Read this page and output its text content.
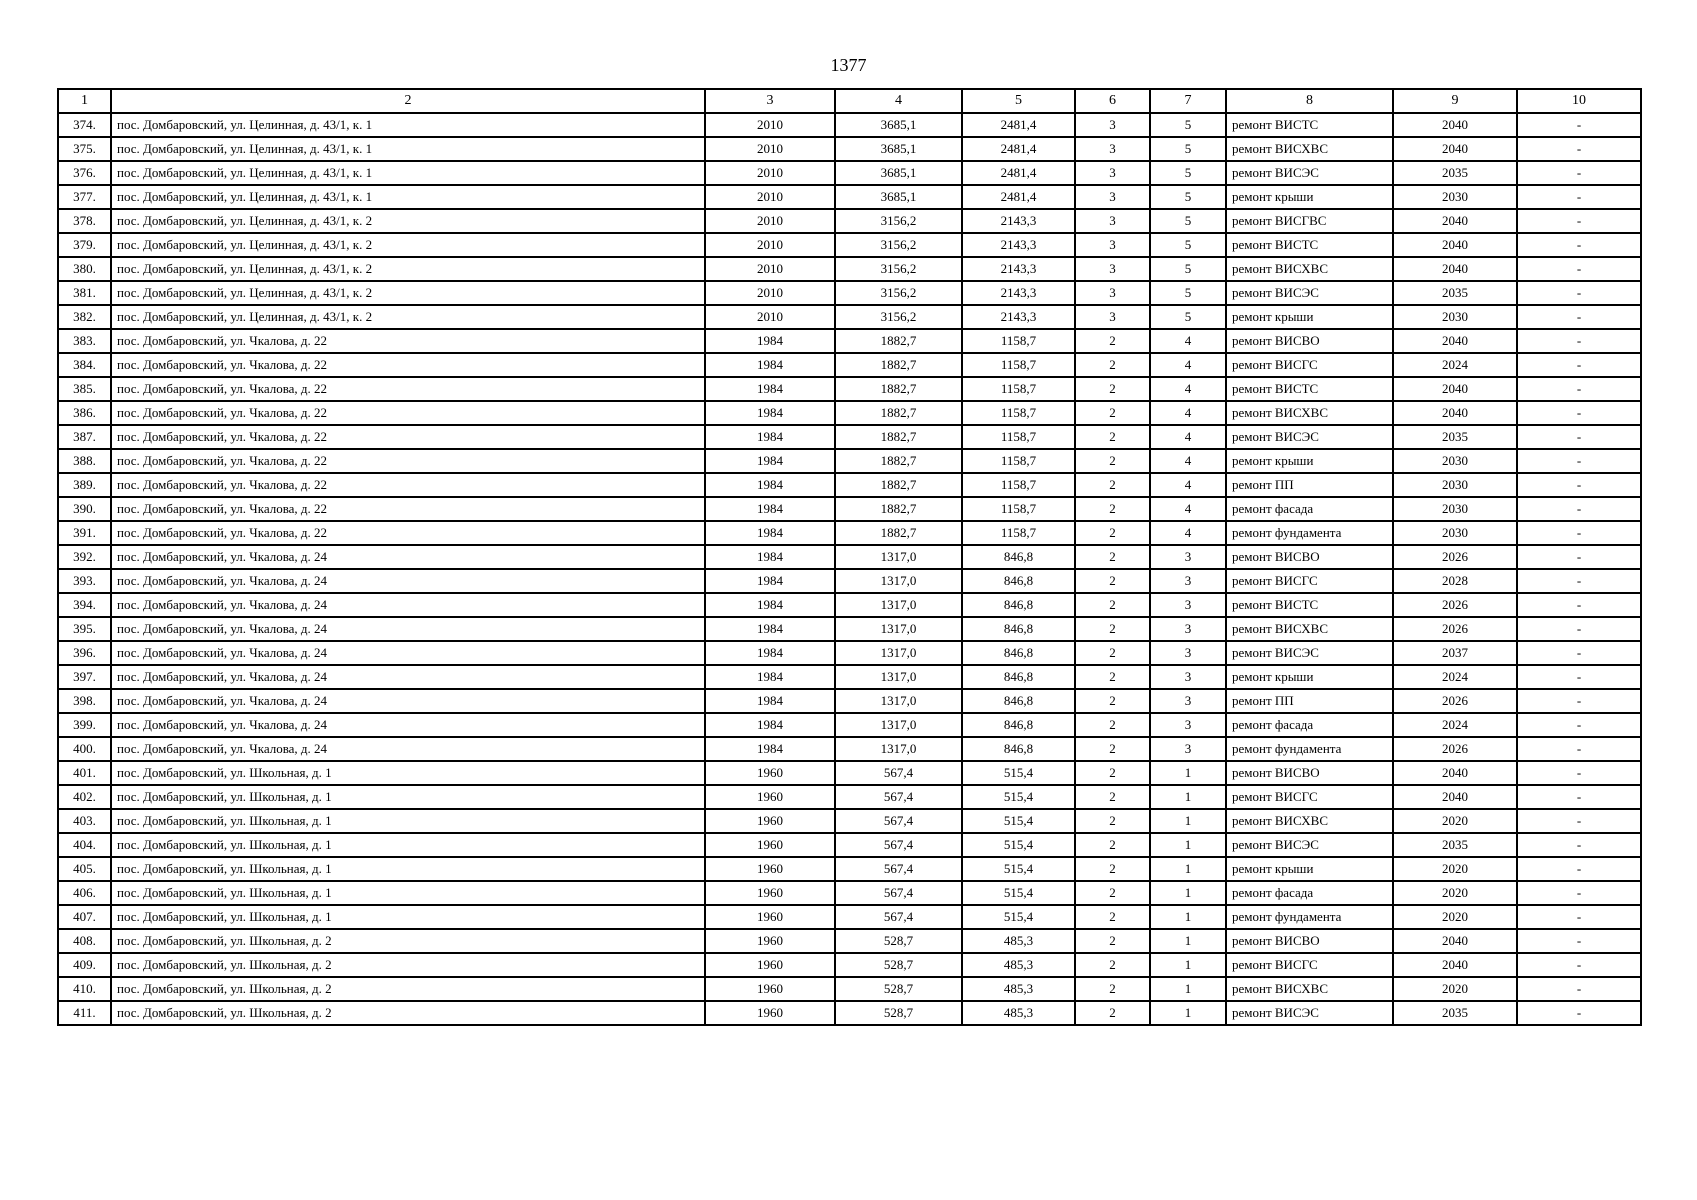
1377
1	2	3	4	5	6	7	8	9	10
374.	пос. Домбаровский, ул. Целинная, д. 43/1, к. 1	2010	3685,1	2481,4	3	5	ремонт ВИСТС	2040	-
375.	пос. Домбаровский, ул. Целинная, д. 43/1, к. 1	2010	3685,1	2481,4	3	5	ремонт ВИСХВС	2040	-
376.	пос. Домбаровский, ул. Целинная, д. 43/1, к. 1	2010	3685,1	2481,4	3	5	ремонт ВИСЭС	2035	-
377.	пос. Домбаровский, ул. Целинная, д. 43/1, к. 1	2010	3685,1	2481,4	3	5	ремонт крыши	2030	-
378.	пос. Домбаровский, ул. Целинная, д. 43/1, к. 2	2010	3156,2	2143,3	3	5	ремонт ВИСГВС	2040	-
379.	пос. Домбаровский, ул. Целинная, д. 43/1, к. 2	2010	3156,2	2143,3	3	5	ремонт ВИСТС	2040	-
380.	пос. Домбаровский, ул. Целинная, д. 43/1, к. 2	2010	3156,2	2143,3	3	5	ремонт ВИСХВС	2040	-
381.	пос. Домбаровский, ул. Целинная, д. 43/1, к. 2	2010	3156,2	2143,3	3	5	ремонт ВИСЭС	2035	-
382.	пос. Домбаровский, ул. Целинная, д. 43/1, к. 2	2010	3156,2	2143,3	3	5	ремонт крыши	2030	-
383.	пос. Домбаровский, ул. Чкалова, д. 22	1984	1882,7	1158,7	2	4	ремонт ВИСВО	2040	-
384.	пос. Домбаровский, ул. Чкалова, д. 22	1984	1882,7	1158,7	2	4	ремонт ВИСГС	2024	-
385.	пос. Домбаровский, ул. Чкалова, д. 22	1984	1882,7	1158,7	2	4	ремонт ВИСТС	2040	-
386.	пос. Домбаровский, ул. Чкалова, д. 22	1984	1882,7	1158,7	2	4	ремонт ВИСХВС	2040	-
387.	пос. Домбаровский, ул. Чкалова, д. 22	1984	1882,7	1158,7	2	4	ремонт ВИСЭС	2035	-
388.	пос. Домбаровский, ул. Чкалова, д. 22	1984	1882,7	1158,7	2	4	ремонт крыши	2030	-
389.	пос. Домбаровский, ул. Чкалова, д. 22	1984	1882,7	1158,7	2	4	ремонт ПП	2030	-
390.	пос. Домбаровский, ул. Чкалова, д. 22	1984	1882,7	1158,7	2	4	ремонт фасада	2030	-
391.	пос. Домбаровский, ул. Чкалова, д. 22	1984	1882,7	1158,7	2	4	ремонт фундамента	2030	-
392.	пос. Домбаровский, ул. Чкалова, д. 24	1984	1317,0	846,8	2	3	ремонт ВИСВО	2026	-
393.	пос. Домбаровский, ул. Чкалова, д. 24	1984	1317,0	846,8	2	3	ремонт ВИСГС	2028	-
394.	пос. Домбаровский, ул. Чкалова, д. 24	1984	1317,0	846,8	2	3	ремонт ВИСТС	2026	-
395.	пос. Домбаровский, ул. Чкалова, д. 24	1984	1317,0	846,8	2	3	ремонт ВИСХВС	2026	-
396.	пос. Домбаровский, ул. Чкалова, д. 24	1984	1317,0	846,8	2	3	ремонт ВИСЭС	2037	-
397.	пос. Домбаровский, ул. Чкалова, д. 24	1984	1317,0	846,8	2	3	ремонт крыши	2024	-
398.	пос. Домбаровский, ул. Чкалова, д. 24	1984	1317,0	846,8	2	3	ремонт ПП	2026	-
399.	пос. Домбаровский, ул. Чкалова, д. 24	1984	1317,0	846,8	2	3	ремонт фасада	2024	-
400.	пос. Домбаровский, ул. Чкалова, д. 24	1984	1317,0	846,8	2	3	ремонт фундамента	2026	-
401.	пос. Домбаровский, ул. Школьная, д. 1	1960	567,4	515,4	2	1	ремонт ВИСВО	2040	-
402.	пос. Домбаровский, ул. Школьная, д. 1	1960	567,4	515,4	2	1	ремонт ВИСГС	2040	-
403.	пос. Домбаровский, ул. Школьная, д. 1	1960	567,4	515,4	2	1	ремонт ВИСХВС	2020	-
404.	пос. Домбаровский, ул. Школьная, д. 1	1960	567,4	515,4	2	1	ремонт ВИСЭС	2035	-
405.	пос. Домбаровский, ул. Школьная, д. 1	1960	567,4	515,4	2	1	ремонт крыши	2020	-
406.	пос. Домбаровский, ул. Школьная, д. 1	1960	567,4	515,4	2	1	ремонт фасада	2020	-
407.	пос. Домбаровский, ул. Школьная, д. 1	1960	567,4	515,4	2	1	ремонт фундамента	2020	-
408.	пос. Домбаровский, ул. Школьная, д. 2	1960	528,7	485,3	2	1	ремонт ВИСВО	2040	-
409.	пос. Домбаровский, ул. Школьная, д. 2	1960	528,7	485,3	2	1	ремонт ВИСГС	2040	-
410.	пос. Домбаровский, ул. Школьная, д. 2	1960	528,7	485,3	2	1	ремонт ВИСХВС	2020	-
411.	пос. Домбаровский, ул. Школьная, д. 2	1960	528,7	485,3	2	1	ремонт ВИСЭС	2035	-
